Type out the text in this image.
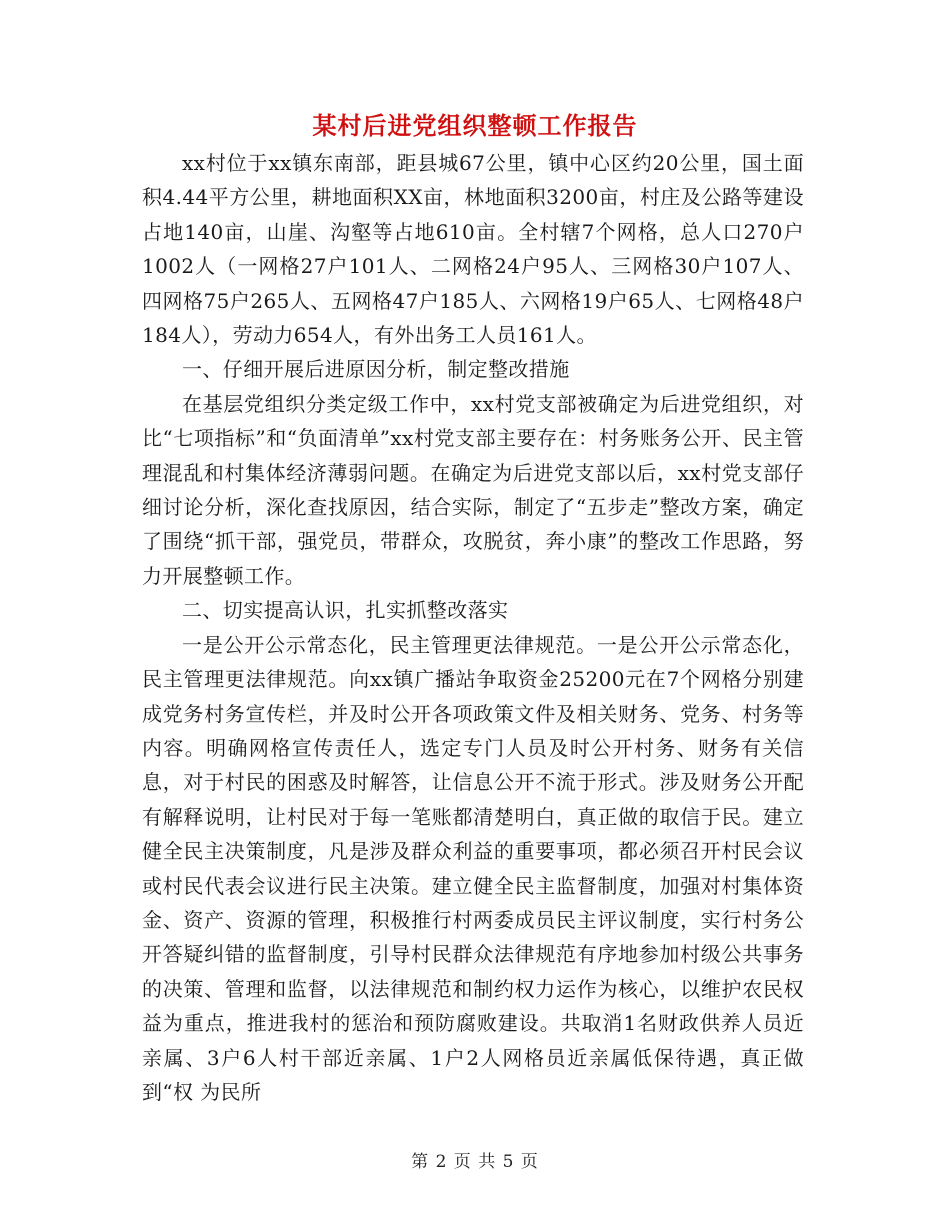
某村后进党组织整顿工作报告

xx村位于xx镇东南部，距县城67公里，镇中心区约20公里，国土面积4.44平方公里，耕地面积XX亩，林地面积3200亩，村庄及公路等建设占地140亩，山崖、沟壑等占地610亩。全村辖7个网格，总人口270户1002人（一网格27户101人、二网格24户95人、三网格30户107人、四网格75户265人、五网格47户185人、六网格19户65人、七网格48户　184人），劳动力654人，有外出务工人员161人。

一、仔细开展后进原因分析，制定整改措施

在基层党组织分类定级工作中，xx村党支部被确定为后进党组织，对比“七项指标”和“负面清单”xx村党支部主要存在：村务账务公开、民主管理混乱和村集体经济薄弱问题。在确定为后进党支部以后，xx村党支部仔细讨论分析，深化查找原因，结合实际，制定了“五步走”整改方案，确定了围绕“抓干部，强党员，带群众，攻脱贫，奔小康”的整改工作思路，努力开展整顿工作。

二、切实提高认识，扎实抓整改落实

一是公开公示常态化，民主管理更法律规范。一是公开公示常态化，民主管理更法律规范。向xx镇广播站争取资金25200元在7个网格分别建成党务村务宣传栏，并及时公开各项政策文件及相关财务、党务、村务等内容。明确网格宣传责任人，选定专门人员及时公开村务、财务有关信息，对于村民的困惑及时解答，让信息公开不流于形式。涉及财务公开配有解释说明，让村民对于每一笔账都清楚明白，真正做的取信于民。建立健全民主决策制度，凡是涉及群众利益的重要事项，都必须召开村民会议或村民代表会议进行民主决策。建立健全民主监督制度，加强对村集体资金、资产、资源的管理，积极推行村两委成员民主评议制度，实行村务公开答疑纠错的监督制度，引导村民群众法律规范有序地参加村级公共事务的决策、管理和监督，以法律规范和制约权力运作为核心，以维护农民权益为重点，推进我村的惩治和预防腐败建设。共取消1名财政供养人员近亲属、3户6人村干部近亲属、1户2人网格员近亲属低保待遇，真正做到“权 为民所

第 2 页 共 5 页
